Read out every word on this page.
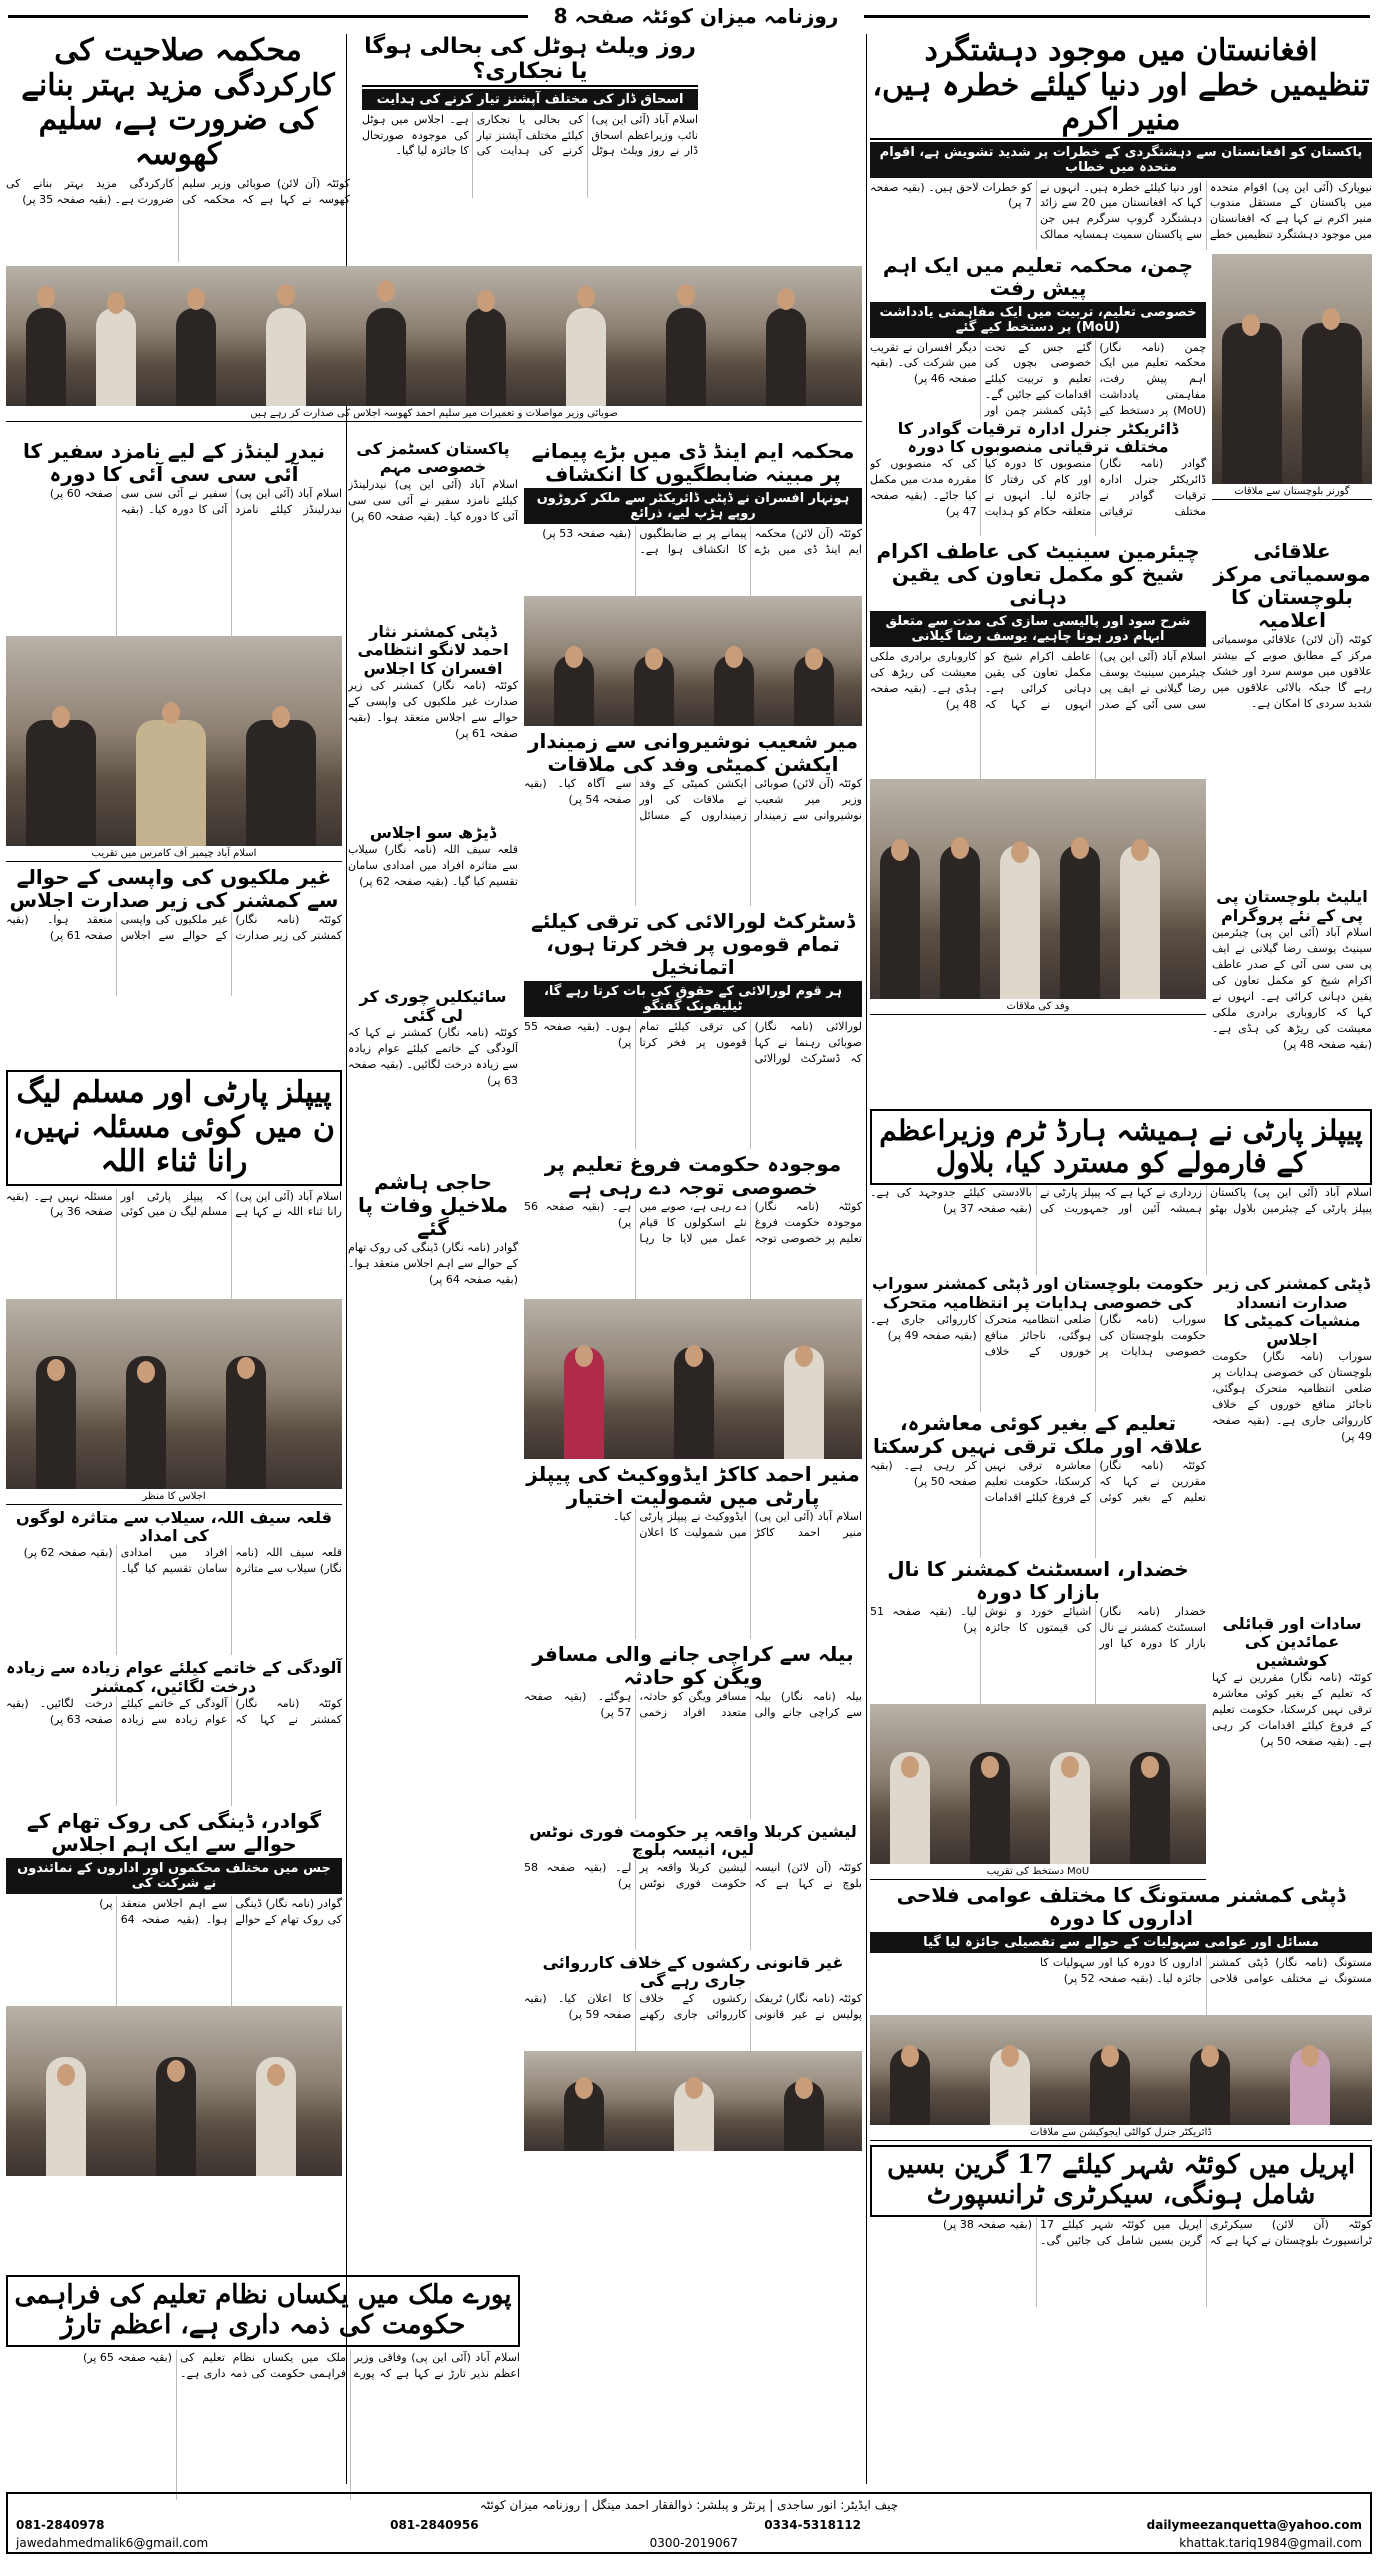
روزنامہ میزان کوئٹہ صفحہ 8
محکمہ صلاحیت کی کارکردگی مزید بہتر بنانے کی ضرورت ہے، سلیم کھوسہ
کوئٹہ (آن لائن) صوبائی وزیر سلیم کھوسہ نے کہا ہے کہ محکمہ کی کارکردگی مزید بہتر بنانے کی ضرورت ہے۔ (بقیہ صفحہ 35 پر)
روز ویلٹ ہوٹل کی بحالی ہوگا یا نجکاری؟
اسحاق ڈار کی مختلف آپشنز تیار کرنے کی ہدایت
اسلام آباد (آئی این پی) نائب وزیراعظم اسحاق ڈار نے روز ویلٹ ہوٹل کی بحالی یا نجکاری کیلئے مختلف آپشنز تیار کرنے کی ہدایت کی ہے۔ اجلاس میں ہوٹل کی موجودہ صورتحال کا جائزہ لیا گیا۔
صوبائی وزیر مواصلات و تعمیرات میر سلیم احمد کھوسہ اجلاس کی صدارت کر رہے ہیں
نیدر لینڈز کے لیے نامزد سفیر کا آئی سی سی آئی کا دورہ
اسلام آباد (آئی این پی) نیدرلینڈز کیلئے نامزد سفیر نے آئی سی سی آئی کا دورہ کیا۔ (بقیہ صفحہ 60 پر)
اسلام آباد چیمبر آف کامرس میں تقریب
غیر ملکیوں کی واپسی کے حوالے سے کمشنر کی زیر صدارت اجلاس
کوئٹہ (نامہ نگار) کمشنر کی زیر صدارت غیر ملکیوں کی واپسی کے حوالے سے اجلاس منعقد ہوا۔ (بقیہ صفحہ 61 پر)
پیپلز پارٹی اور مسلم لیگ ن میں کوئی مسئلہ نہیں، رانا ثناء اللہ
اسلام آباد (آئی این پی) رانا ثناء اللہ نے کہا ہے کہ پیپلز پارٹی اور مسلم لیگ ن میں کوئی مسئلہ نہیں ہے۔ (بقیہ صفحہ 36 پر)
اجلاس کا منظر
قلعہ سیف اللہ، سیلاب سے متاثرہ لوگوں کی امداد
قلعہ سیف اللہ (نامہ نگار) سیلاب سے متاثرہ افراد میں امدادی سامان تقسیم کیا گیا۔ (بقیہ صفحہ 62 پر)
آلودگی کے خاتمے کیلئے عوام زیادہ سے زیادہ درخت لگائیں، کمشنر
کوئٹہ (نامہ نگار) کمشنر نے کہا کہ آلودگی کے خاتمے کیلئے عوام زیادہ سے زیادہ درخت لگائیں۔ (بقیہ صفحہ 63 پر)
گوادر، ڈینگی کی روک تھام کے حوالے سے ایک اہم اجلاس
جس میں مختلف محکموں اور اداروں کے نمائندوں نے شرکت کی
گوادر (نامہ نگار) ڈینگی کی روک تھام کے حوالے سے اہم اجلاس منعقد ہوا۔ (بقیہ صفحہ 64 پر)
پاکستان کسٹمز کی خصوصی مہم
اسلام آباد (آئی این پی) نیدرلینڈز کیلئے نامزد سفیر نے آئی سی سی آئی کا دورہ کیا۔ (بقیہ صفحہ 60 پر)
ڈپٹی کمشنر نثار احمد لانگو انتظامی افسران کا اجلاس
کوئٹہ (نامہ نگار) کمشنر کی زیر صدارت غیر ملکیوں کی واپسی کے حوالے سے اجلاس منعقد ہوا۔ (بقیہ صفحہ 61 پر)
ڈیڑھ سو اجلاس
قلعہ سیف اللہ (نامہ نگار) سیلاب سے متاثرہ افراد میں امدادی سامان تقسیم کیا گیا۔ (بقیہ صفحہ 62 پر)
سائیکلیں چوری کر لی گئی
کوئٹہ (نامہ نگار) کمشنر نے کہا کہ آلودگی کے خاتمے کیلئے عوام زیادہ سے زیادہ درخت لگائیں۔ (بقیہ صفحہ 63 پر)
حاجی ہاشم ملاخیل وفات پا گئے
گوادر (نامہ نگار) ڈینگی کی روک تھام کے حوالے سے اہم اجلاس منعقد ہوا۔ (بقیہ صفحہ 64 پر)
پورے ملک میں یکساں نظام تعلیم کی فراہمی حکومت کی ذمہ داری ہے، اعظم تارڑ
اسلام آباد (آئی این پی) وفاقی وزیر اعظم نذیر تارڑ نے کہا ہے کہ پورے ملک میں یکساں نظام تعلیم کی فراہمی حکومت کی ذمہ داری ہے۔ (بقیہ صفحہ 65 پر)
محکمہ ایم اینڈ ڈی میں بڑے پیمانے پر مبینہ ضابطگیوں کا انکشاف
ہونہار افسران نے ڈپٹی ڈائریکٹر سے ملکر کروڑوں روپے ہڑپ لیے، ذرائع
کوئٹہ (آن لائن) محکمہ ایم اینڈ ڈی میں بڑے پیمانے پر بے ضابطگیوں کا انکشاف ہوا ہے۔ (بقیہ صفحہ 53 پر)
میر شعیب نوشیروانی سے زمیندار ایکشن کمیٹی وفد کی ملاقات
کوئٹہ (آن لائن) صوبائی وزیر میر شعیب نوشیروانی سے زمیندار ایکشن کمیٹی کے وفد نے ملاقات کی اور زمینداروں کے مسائل سے آگاہ کیا۔ (بقیہ صفحہ 54 پر)
ڈسٹرکٹ لورالائی کی ترقی کیلئے تمام قوموں پر فخر کرتا ہوں، اتمانخیل
ہر قوم لورالائی کے حقوق کی بات کرتا رہے گا، ٹیلیفونک گفتگو
لورالائی (نامہ نگار) صوبائی رہنما نے کہا کہ ڈسٹرکٹ لورالائی کی ترقی کیلئے تمام قوموں پر فخر کرتا ہوں۔ (بقیہ صفحہ 55 پر)
موجودہ حکومت فروغ تعلیم پر خصوصی توجہ دے رہی ہے
کوئٹہ (نامہ نگار) موجودہ حکومت فروغ تعلیم پر خصوصی توجہ دے رہی ہے، صوبے میں نئے اسکولوں کا قیام عمل میں لایا جا رہا ہے۔ (بقیہ صفحہ 56 پر)
منیر احمد کاکڑ ایڈووکیٹ کی پیپلز پارٹی میں شمولیت اختیار
اسلام آباد (آئی این پی) منیر احمد کاکڑ ایڈووکیٹ نے پیپلز پارٹی میں شمولیت کا اعلان کیا۔
بیلہ سے کراچی جانے والی مسافر ویگن کو حادثہ
بیلہ (نامہ نگار) بیلہ سے کراچی جانے والی مسافر ویگن کو حادثہ، متعدد افراد زخمی ہوگئے۔ (بقیہ صفحہ 57 پر)
لیشین کربلا واقعہ پر حکومت فوری نوٹس لیں، انیسہ بلوچ
کوئٹہ (آن لائن) انیسہ بلوچ نے کہا ہے کہ لیشین کربلا واقعہ پر حکومت فوری نوٹس لے۔ (بقیہ صفحہ 58 پر)
غیر قانونی رکشوں کے خلاف کارروائی جاری رہے گی
کوئٹہ (نامہ نگار) ٹریفک پولیس نے غیر قانونی رکشوں کے خلاف کارروائی جاری رکھنے کا اعلان کیا۔ (بقیہ صفحہ 59 پر)
افغانستان میں موجود دہشتگرد تنظیمیں خطے اور دنیا کیلئے خطرہ ہیں، منیر اکرم
پاکستان کو افغانستان سے دہشتگردی کے خطرات پر شدید تشویش ہے، اقوام متحدہ میں خطاب
نیویارک (آئی این پی) اقوام متحدہ میں پاکستان کے مستقل مندوب منیر اکرم نے کہا ہے کہ افغانستان میں موجود دہشتگرد تنظیمیں خطے اور دنیا کیلئے خطرہ ہیں۔ انہوں نے کہا کہ افغانستان میں 20 سے زائد دہشتگرد گروپ سرگرم ہیں جن سے پاکستان سمیت ہمسایہ ممالک کو خطرات لاحق ہیں۔ (بقیہ صفحہ 7 پر)
چمن، محکمہ تعلیم میں ایک اہم پیش رفت
خصوصی تعلیم، تربیت میں ایک مفاہمتی یادداشت (MoU) پر دستخط کیے گئے
چمن (نامہ نگار) محکمہ تعلیم میں ایک اہم پیش رفت، مفاہمتی یادداشت (MoU) پر دستخط کیے گئے جس کے تحت خصوصی بچوں کی تعلیم و تربیت کیلئے اقدامات کیے جائیں گے۔ ڈپٹی کمشنر چمن اور دیگر افسران نے تقریب میں شرکت کی۔ (بقیہ صفحہ 46 پر)
ڈائریکٹر جنرل ادارہ ترقیات گوادر کا مختلف ترقیاتی منصوبوں کا دورہ
گوادر (نامہ نگار) ڈائریکٹر جنرل ادارہ ترقیات گوادر نے مختلف ترقیاتی منصوبوں کا دورہ کیا اور کام کی رفتار کا جائزہ لیا۔ انہوں نے متعلقہ حکام کو ہدایت کی کہ منصوبوں کو مقررہ مدت میں مکمل کیا جائے۔ (بقیہ صفحہ 47 پر)
گورنر بلوچستان سے ملاقات
چیئرمین سینیٹ کی عاطف اکرام شیخ کو مکمل تعاون کی یقین دہانی
شرح سود اور پالیسی سازی کی مدت سے متعلق ابہام دور ہونا چاہیے، یوسف رضا گیلانی
اسلام آباد (آئی این پی) چیئرمین سینیٹ یوسف رضا گیلانی نے ایف پی سی سی آئی کے صدر عاطف اکرام شیخ کو مکمل تعاون کی یقین دہانی کرائی ہے۔ انہوں نے کہا کہ کاروباری برادری ملکی معیشت کی ریڑھ کی ہڈی ہے۔ (بقیہ صفحہ 48 پر)
وفد کی ملاقات
علاقائی موسمیاتی مرکز بلوچستان کا اعلامیہ
کوئٹہ (آن لائن) علاقائی موسمیاتی مرکز کے مطابق صوبے کے بیشتر علاقوں میں موسم سرد اور خشک رہے گا جبکہ بالائی علاقوں میں شدید سردی کا امکان ہے۔
ایلیٹ بلوچستان پی پی کے نئے پروگرام
اسلام آباد (آئی این پی) چیئرمین سینیٹ یوسف رضا گیلانی نے ایف پی سی سی آئی کے صدر عاطف اکرام شیخ کو مکمل تعاون کی یقین دہانی کرائی ہے۔ انہوں نے کہا کہ کاروباری برادری ملکی معیشت کی ریڑھ کی ہڈی ہے۔ (بقیہ صفحہ 48 پر)
پیپلز پارٹی نے ہمیشہ ہارڈ ٹرم وزیراعظم کے فارمولے کو مسترد کیا، بلاول
اسلام آباد (آئی این پی) پاکستان پیپلز پارٹی کے چیئرمین بلاول بھٹو زرداری نے کہا ہے کہ پیپلز پارٹی نے ہمیشہ آئین اور جمہوریت کی بالادستی کیلئے جدوجہد کی ہے۔ (بقیہ صفحہ 37 پر)
حکومت بلوچستان اور ڈپٹی کمشنر سوراب کی خصوصی ہدایات پر انتظامیہ متحرک
سوراب (نامہ نگار) حکومت بلوچستان کی خصوصی ہدایات پر ضلعی انتظامیہ متحرک ہوگئی، ناجائز منافع خوروں کے خلاف کارروائی جاری ہے۔ (بقیہ صفحہ 49 پر)
تعلیم کے بغیر کوئی معاشرہ، علاقہ اور ملک ترقی نہیں کرسکتا
کوئٹہ (نامہ نگار) مقررین نے کہا کہ تعلیم کے بغیر کوئی معاشرہ ترقی نہیں کرسکتا، حکومت تعلیم کے فروغ کیلئے اقدامات کر رہی ہے۔ (بقیہ صفحہ 50 پر)
خضدار، اسسٹنٹ کمشنر کا نال بازار کا دورہ
خضدار (نامہ نگار) اسسٹنٹ کمشنر نے نال بازار کا دورہ کیا اور اشیائے خورد و نوش کی قیمتوں کا جائزہ لیا۔ (بقیہ صفحہ 51 پر)
MoU دستخط کی تقریب
ڈپٹی کمشنر کی زیر صدارت انسداد منشیات کمیٹی کا اجلاس
سوراب (نامہ نگار) حکومت بلوچستان کی خصوصی ہدایات پر ضلعی انتظامیہ متحرک ہوگئی، ناجائز منافع خوروں کے خلاف کارروائی جاری ہے۔ (بقیہ صفحہ 49 پر)
سادات اور قبائلی عمائدین کی کوششیں
کوئٹہ (نامہ نگار) مقررین نے کہا کہ تعلیم کے بغیر کوئی معاشرہ ترقی نہیں کرسکتا، حکومت تعلیم کے فروغ کیلئے اقدامات کر رہی ہے۔ (بقیہ صفحہ 50 پر)
ڈپٹی کمشنر مستونگ کا مختلف عوامی فلاحی اداروں کا دورہ
مسائل اور عوامی سہولیات کے حوالے سے تفصیلی جائزہ لیا گیا
مستونگ (نامہ نگار) ڈپٹی کمشنر مستونگ نے مختلف عوامی فلاحی اداروں کا دورہ کیا اور سہولیات کا جائزہ لیا۔ (بقیہ صفحہ 52 پر)
ڈائریکٹر جنرل کوالٹی ایجوکیشن سے ملاقات
اپریل میں کوئٹہ شہر کیلئے 17 گرین بسیں شامل ہونگی، سیکرٹری ٹرانسپورٹ
کوئٹہ (آن لائن) سیکرٹری ٹرانسپورٹ بلوچستان نے کہا ہے کہ اپریل میں کوئٹہ شہر کیلئے 17 گرین بسیں شامل کی جائیں گی۔ (بقیہ صفحہ 38 پر)
چیف ایڈیٹر: انور ساجدی | پرنٹر و پبلشر: ذوالفقار احمد مینگل | روزنامہ میزان کوئٹہ
081-2840978	081-2840956	0334-5318112	dailymeezanquetta@yahoo.com
jawedahmedmalik6@gmail.com	0300-2019067	khattak.tariq1984@gmail.com
